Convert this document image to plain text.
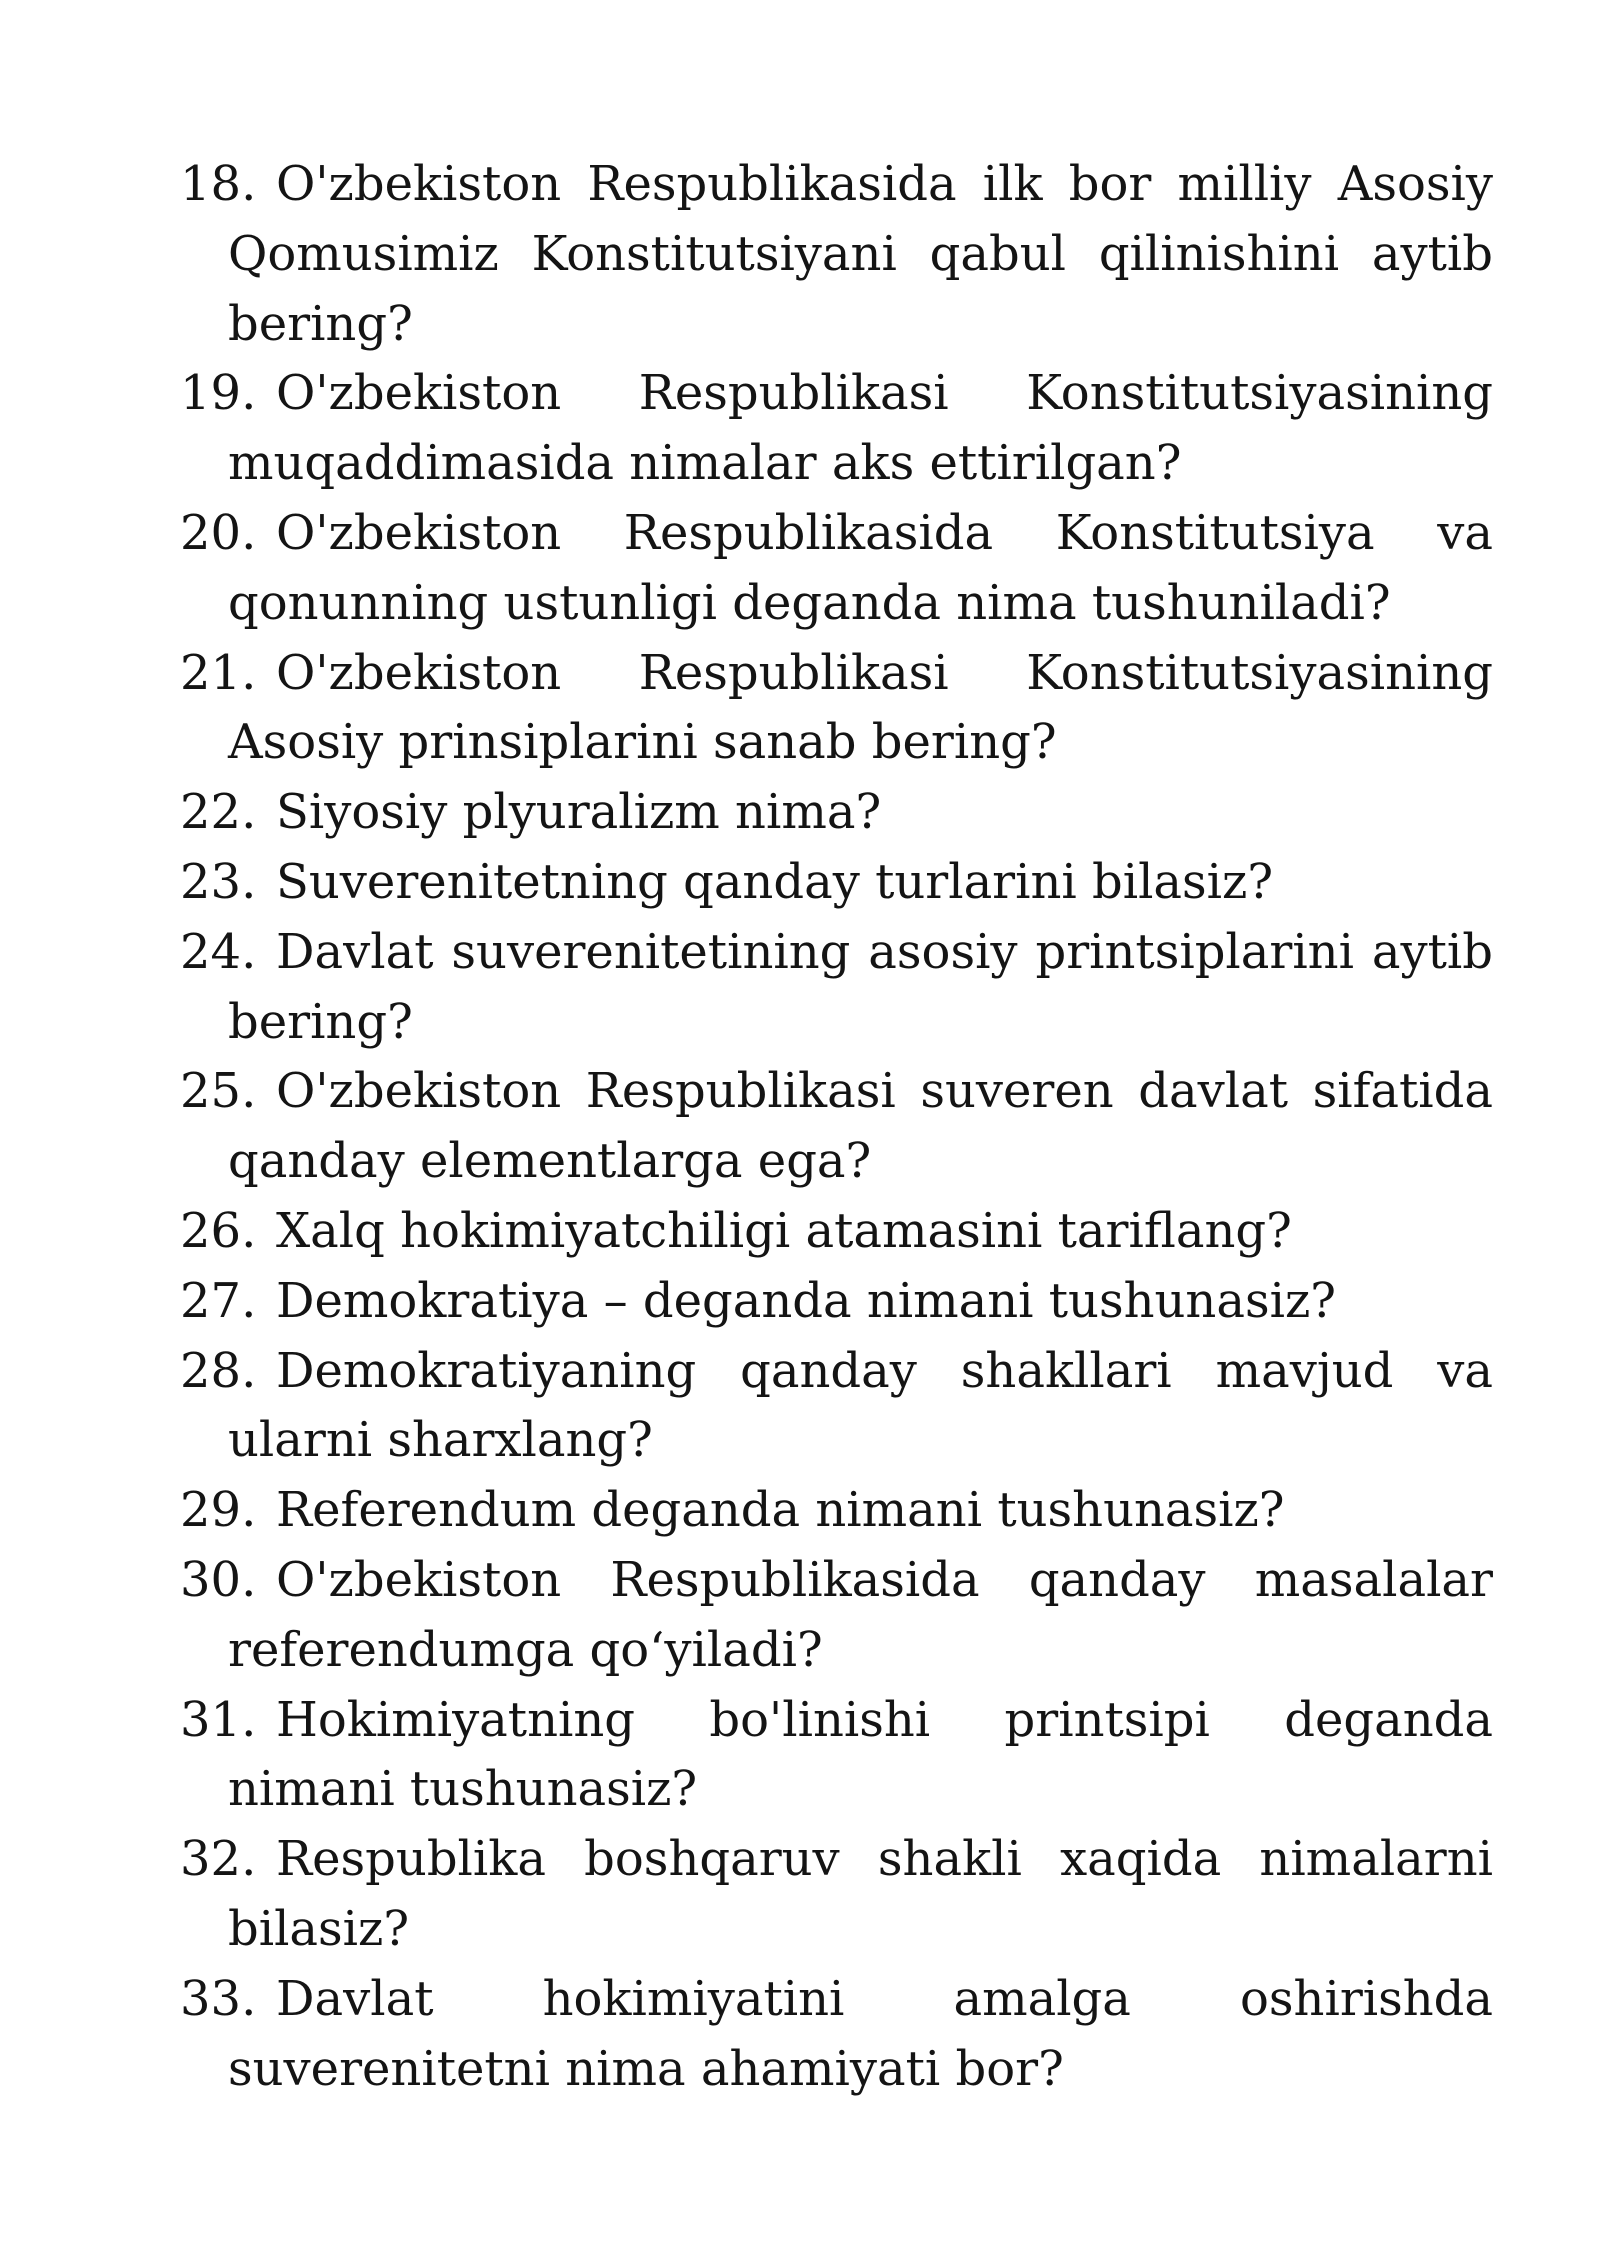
18. O'zbekiston Respublikasida ilk bor milliy Asosiy Qomusimiz Konstitutsiyani qabul qilinishini aytib bering?
19. O'zbekiston Respublikasi Konstitutsiyasining muqaddimasida nimalar aks ettirilgan?
20. O'zbekiston Respublikasida Konstitutsiya va qonunning ustunligi deganda nima tushuniladi?
21. O'zbekiston Respublikasi Konstitutsiyasining Asosiy prinsiplarini sanab bering?
22. Siyosiy plyuralizm nima?
23. Suverenitetning qanday turlarini bilasiz?
24. Davlat suverenitetining asosiy printsiplarini aytib bering?
25. O'zbekiston Respublikasi suveren davlat sifatida qanday elementlarga ega?
26. Xalq hokimiyatchiligi atamasini tariflang?
27. Demokratiya – deganda nimani tushunasiz?
28. Demokratiyaning qanday shakllari mavjud va ularni sharxlang?
29. Referendum deganda nimani tushunasiz?
30. O'zbekiston Respublikasida qanday masalalar referendumga qo‘yiladi?
31. Hokimiyatning bo'linishi printsipi deganda nimani tushunasiz?
32. Respublika boshqaruv shakli xaqida nimalarni bilasiz?
33. Davlat hokimiyatini amalga oshirishda suverenitetni nima ahamiyati bor?
